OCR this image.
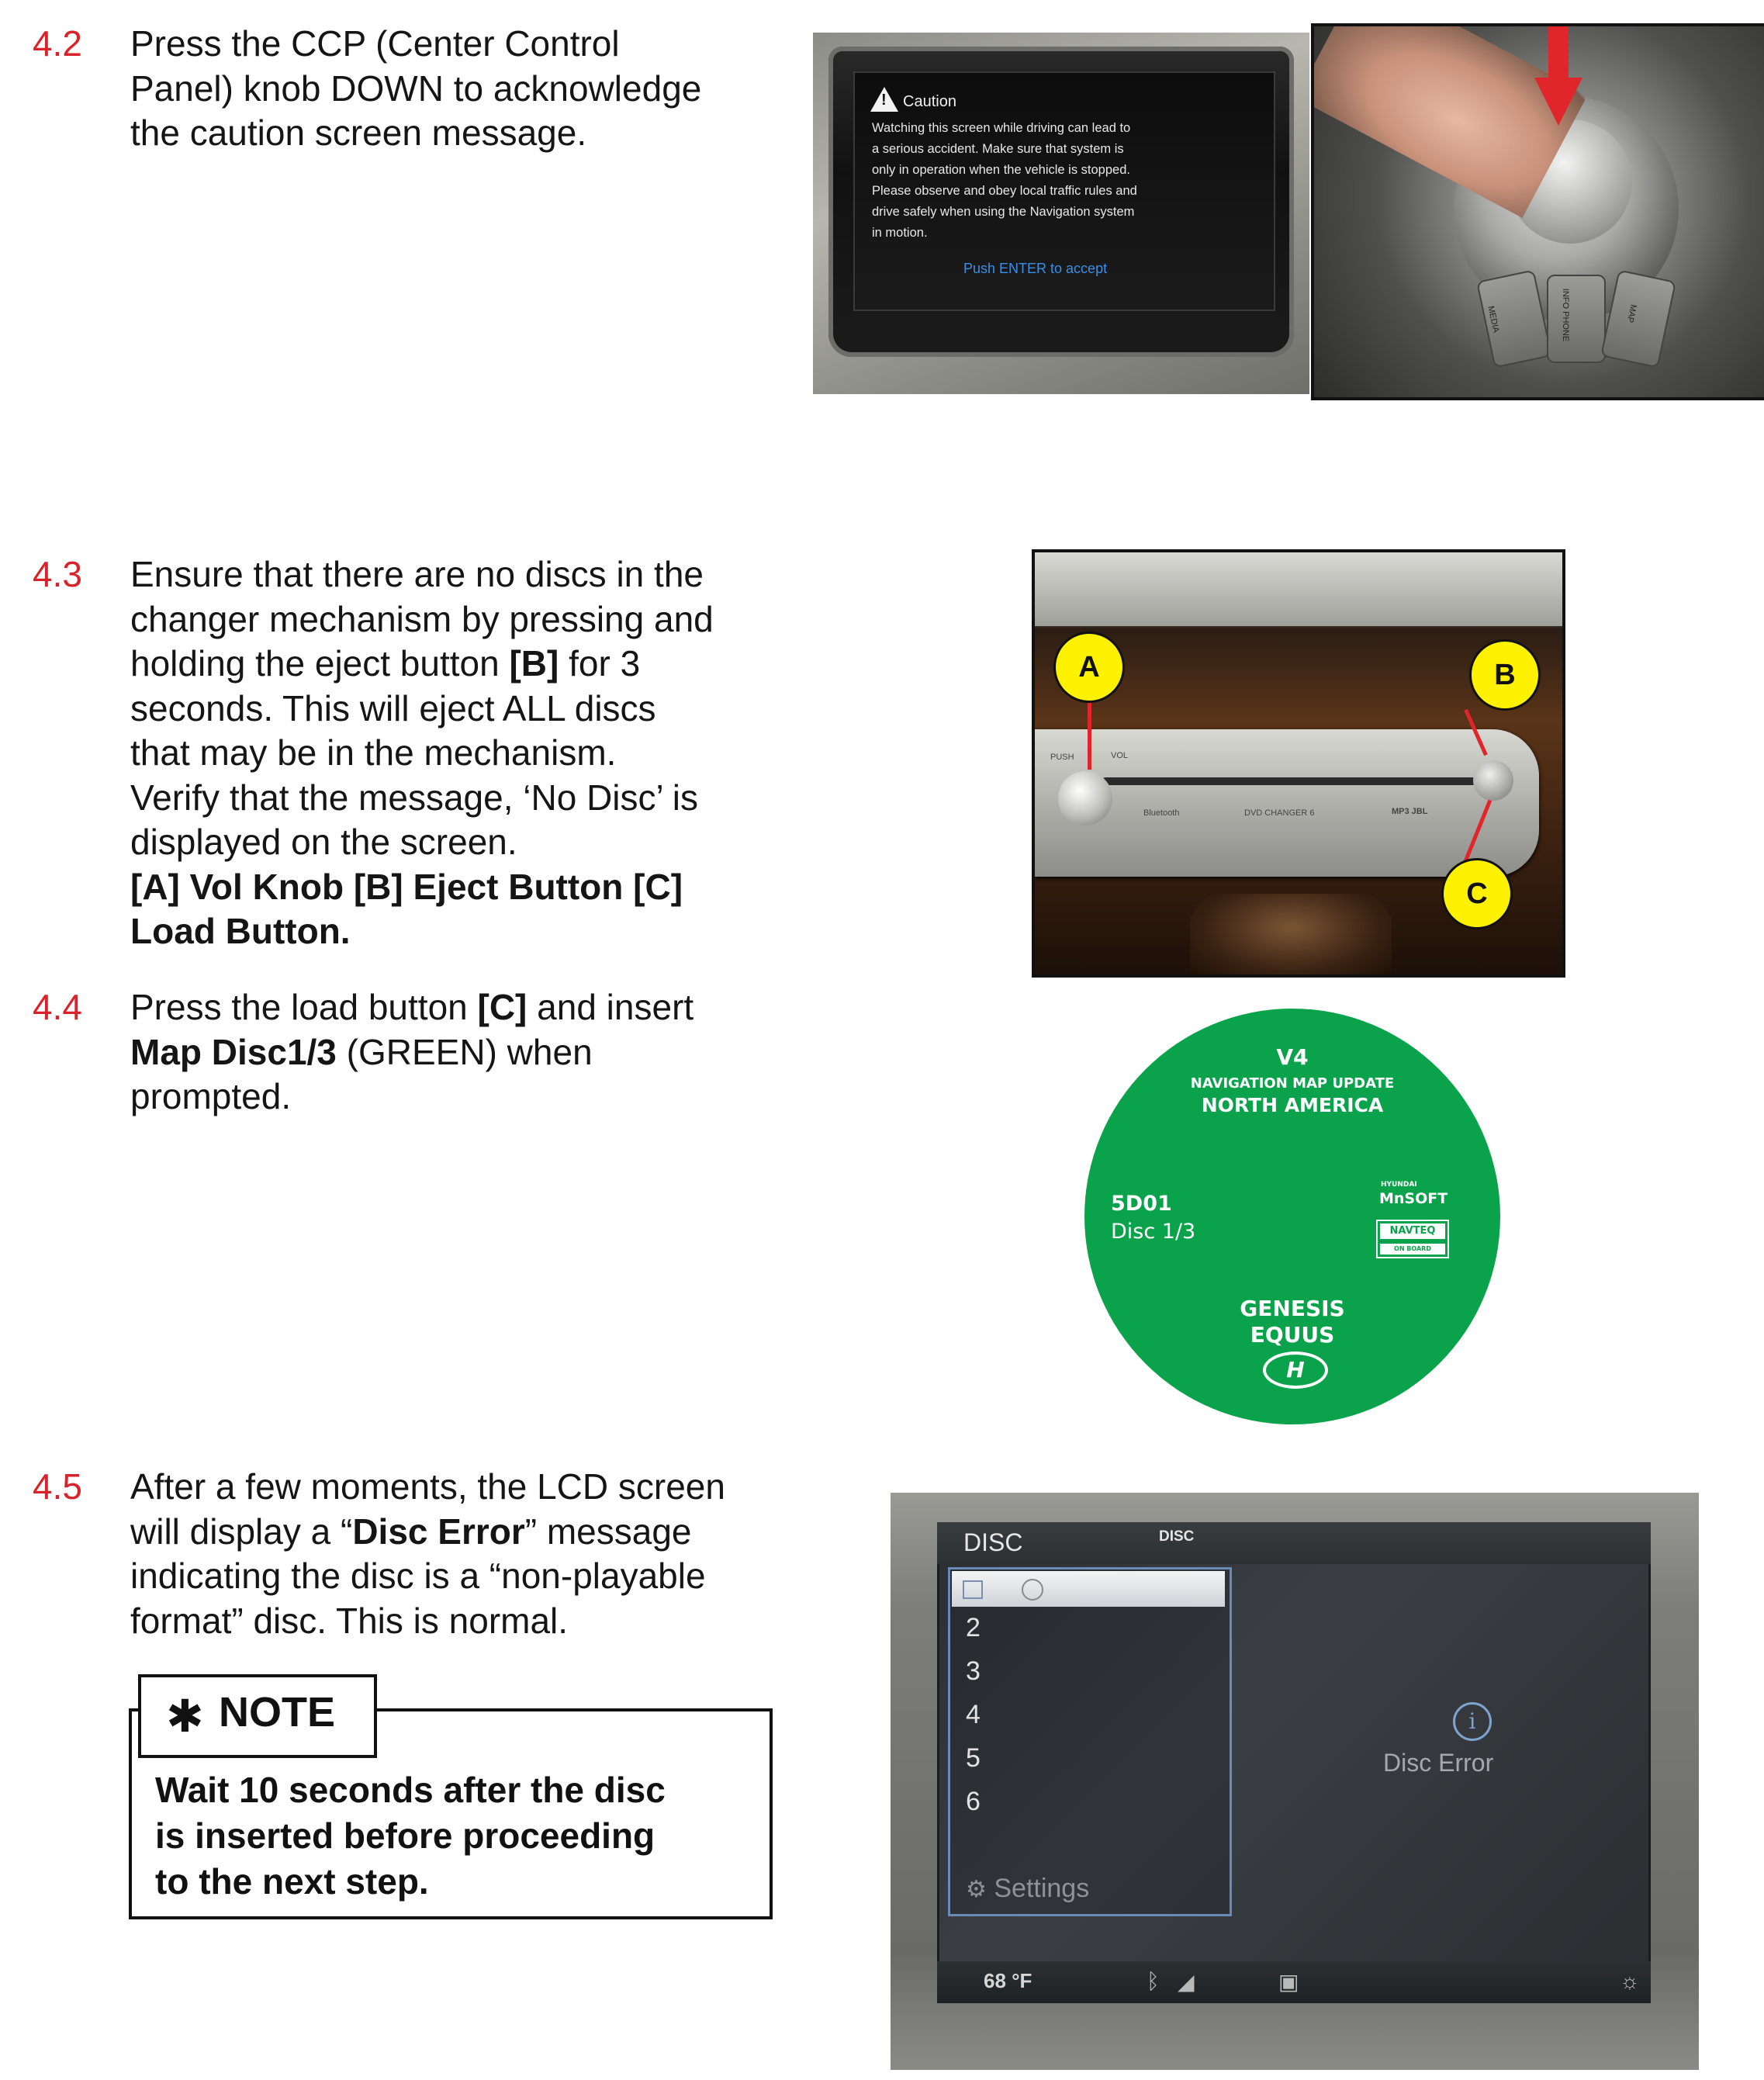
4.2 Press the CCP (Center Control
Panel) knob DOWN to acknowledge
the caution screen message.
! Caution
Watching this screen while driving can lead to
a serious accident. Make sure that system is
only in operation when the vehicle is stopped.
Please observe and obey local traffic rules and
drive safely when using the Navigation system
in motion.
Push ENTER to accept
MEDIA	INFO PHONE	MAP
4.3 Ensure that there are no discs in the
changer mechanism by pressing and
holding the eject button [B] for 3
seconds. This will eject ALL discs
that may be in the mechanism.
Verify that the message, ‘No Disc’ is
displayed on the screen.
[A] Vol Knob [B] Eject Button [C]
Load Button.
PUSH	VOL
Bluetooth	DVD CHANGER 6	MP3 JBL
A	B
C
4.4 Press the load button [C] and insert
Map Disc1/3 (GREEN) when
prompted.
V4
NAVIGATION MAP UPDATE
NORTH AMERICA
5D01
Disc 1/3
HYUNDAI
MnSOFT
NAVTEQ
ON BOARD
GENESIS
EQUUS
H
4.5 After a few moments, the LCD screen
will display a “Disc Error” message
indicating the disc is a “non-playable
format” disc. This is normal.
✱ NOTE
Wait 10 seconds after the disc
is inserted before proceeding
to the next step.
DISC	DISC
2
3
4
5
6
⚙ Settings
i
Disc Error
68 °F	ᛒ ◢	▣	☼
